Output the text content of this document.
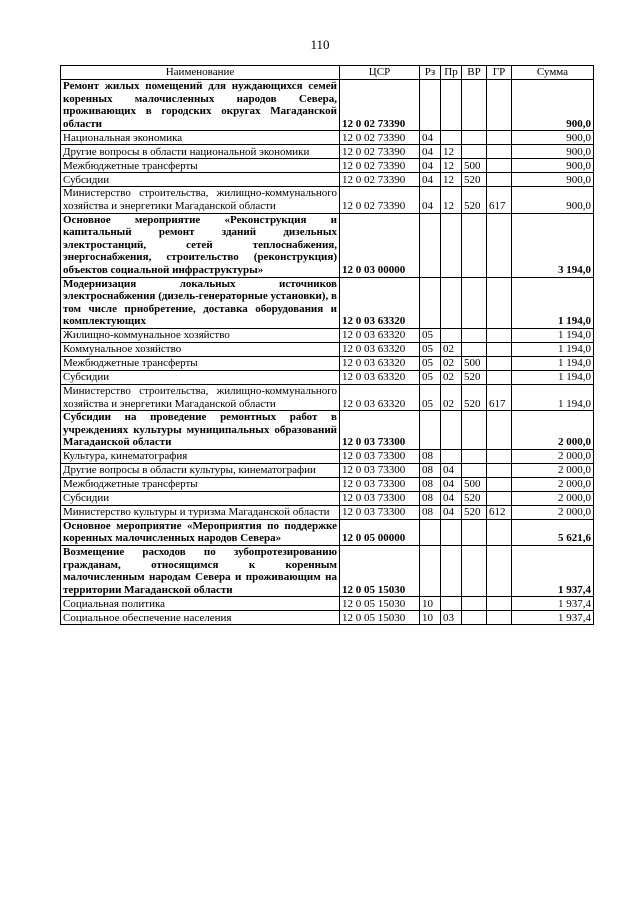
110
Наименование	ЦСР	Рз	Пр	ВР	ГР	Сумма
Ремонт жилых помещений для нуждающихся семей коренных малочисленных народов Севера, проживающих в городских округах Магаданской области	12 0 02 73390					900,0
Национальная экономика	12 0 02 73390	04				900,0
Другие вопросы в области национальной экономики	12 0 02 73390	04	12			900,0
Межбюджетные трансферты	12 0 02 73390	04	12	500		900,0
Субсидии	12 0 02 73390	04	12	520		900,0
Министерство строительства, жилищно-коммунального хозяйства и энергетики Магаданской области	12 0 02 73390	04	12	520	617	900,0
Основное мероприятие «Реконструкция и капитальный ремонт зданий дизельных электростанций, сетей теплоснабжения, энергоснабжения, строительство (реконструкция) объектов социальной инфраструктуры»	12 0 03 00000					3 194,0
Модернизация локальных источников электроснабжения (дизель-генераторные установки), в том числе приобретение, доставка оборудования и комплектующих	12 0 03 63320					1 194,0
Жилищно-коммунальное хозяйство	12 0 03 63320	05				1 194,0
Коммунальное хозяйство	12 0 03 63320	05	02			1 194,0
Межбюджетные трансферты	12 0 03 63320	05	02	500		1 194,0
Субсидии	12 0 03 63320	05	02	520		1 194,0
Министерство строительства, жилищно-коммунального хозяйства и энергетики Магаданской области	12 0 03 63320	05	02	520	617	1 194,0
Субсидии на проведение ремонтных работ в учреждениях культуры муниципальных образований Магаданской области	12 0 03 73300					2 000,0
Культура, кинематография	12 0 03 73300	08				2 000,0
Другие вопросы в области культуры, кинематографии	12 0 03 73300	08	04			2 000,0
Межбюджетные трансферты	12 0 03 73300	08	04	500		2 000,0
Субсидии	12 0 03 73300	08	04	520		2 000,0
Министерство культуры и туризма Магаданской области	12 0 03 73300	08	04	520	612	2 000,0
Основное мероприятие «Мероприятия по поддержке коренных малочисленных народов Севера»	12 0 05 00000					5 621,6
Возмещение расходов по зубопротезированию гражданам, относящимся к коренным малочисленным народам Севера и проживающим на территории Магаданской области	12 0 05 15030					1 937,4
Социальная политика	12 0 05 15030	10				1 937,4
Социальное обеспечение населения	12 0 05 15030	10	03			1 937,4
